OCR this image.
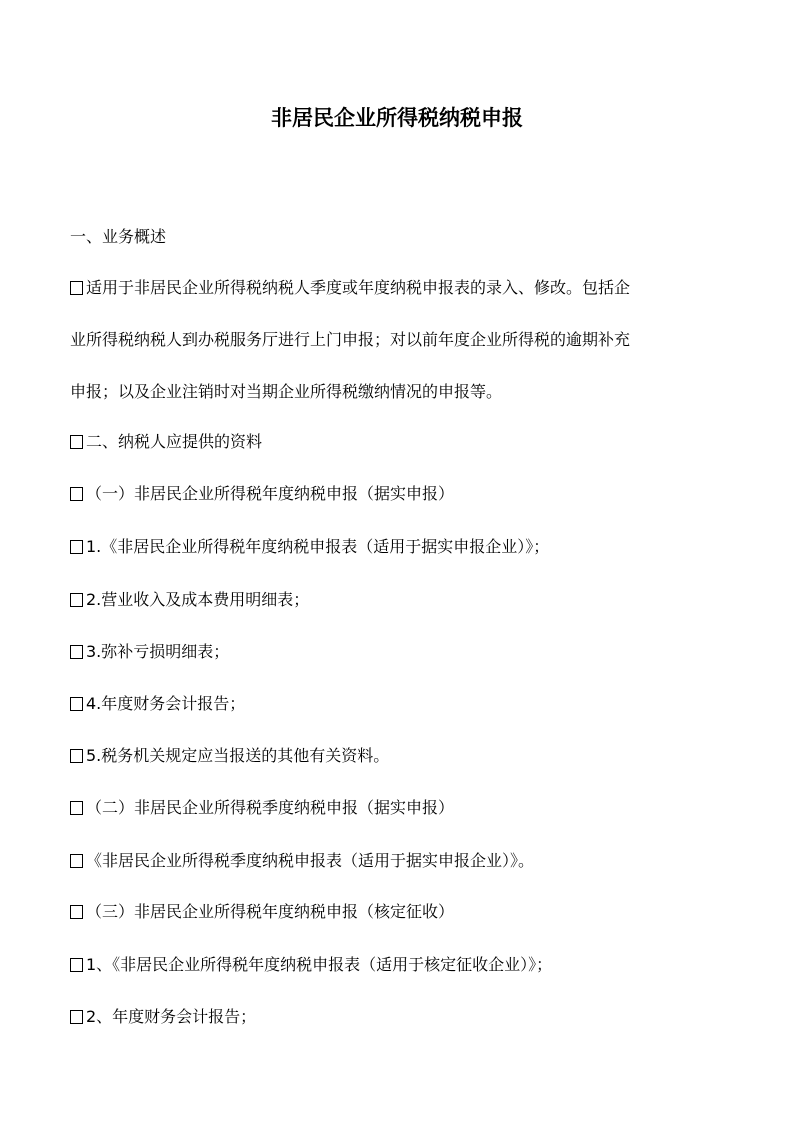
非居民企业所得税纳税申报

一、业务概述

适用于非居民企业所得税纳税人季度或年度纳税申报表的录入、修改。包括企
业所得税纳税人到办税服务厅进行上门申报；对以前年度企业所得税的逾期补充
申报；以及企业注销时对当期企业所得税缴纳情况的申报等。

二、纳税人应提供的资料

（一）非居民企业所得税年度纳税申报（据实申报）

1.《非居民企业所得税年度纳税申报表（适用于据实申报企业）》；

2.营业收入及成本费用明细表；

3.弥补亏损明细表；

4.年度财务会计报告；

5.税务机关规定应当报送的其他有关资料。

（二）非居民企业所得税季度纳税申报（据实申报）

《非居民企业所得税季度纳税申报表（适用于据实申报企业）》。

（三）非居民企业所得税年度纳税申报（核定征收）

1、《非居民企业所得税年度纳税申报表（适用于核定征收企业）》；

2、年度财务会计报告；
